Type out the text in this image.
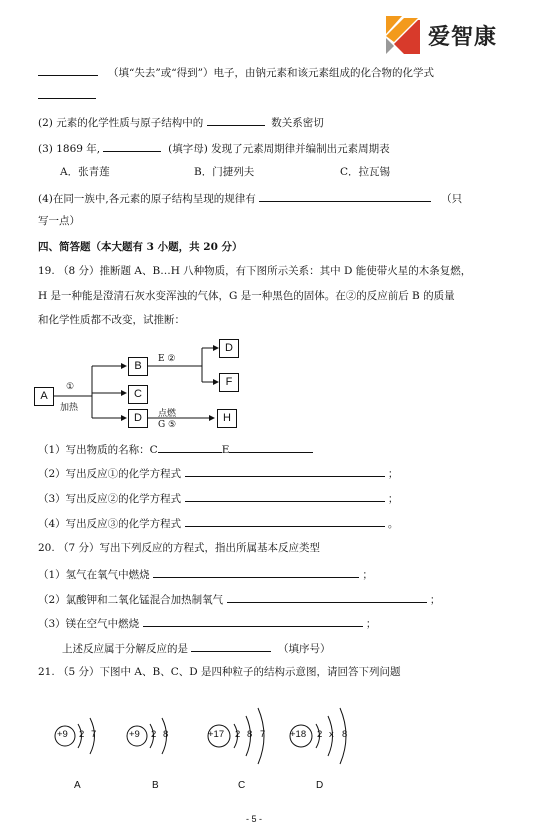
爱智康
（填“失去”或“得到”）电子，由钠元素和该元素组成的化合物的化学式
(2) 元素的化学性质与原子结构中的	数关系密切
(3) 1869 年,	(填字母) 发现了元素周期律并编制出元素周期表
A．张青莲	B．门捷列夫	C．拉瓦锡
(4)在同一族中,各元素的原子结构呈现的规律有	（只
写一点）
四、简答题（本大题有 3 小题，共 20 分）
19. （8 分）推断题 A、B…H 八种物质，有下图所示关系：其中 D 能使带火星的木条复燃，
H 是一种能是澄清石灰水变浑浊的气体，G 是一种黑色的固体。在②的反应前后 B 的质量
和化学性质都不改变，试推断：
A
B
C
D
D
F
H
①
加热
E ②
点燃
G ⑤
（1）写出物质的名称：C	E
（2）写出反应①的化学方程式	；
（3）写出反应②的化学方程式	；
（4）写出反应③的化学方程式	。
20. （7 分）写出下列反应的方程式，指出所属基本反应类型
（1）氢气在氧气中燃烧	；
（2）氯酸钾和二氧化锰混合加热制氧气	；
（3）镁在空气中燃烧	；
上述反应属于分解反应的是	（填序号）
21. （5 分）下图中 A、B、C、D 是四种粒子的结构示意图，请回答下列问题
+9 2 7
A
+9 2 8
B
+17 2 8 7
C
+18 2 x 8
D
- 5 -
